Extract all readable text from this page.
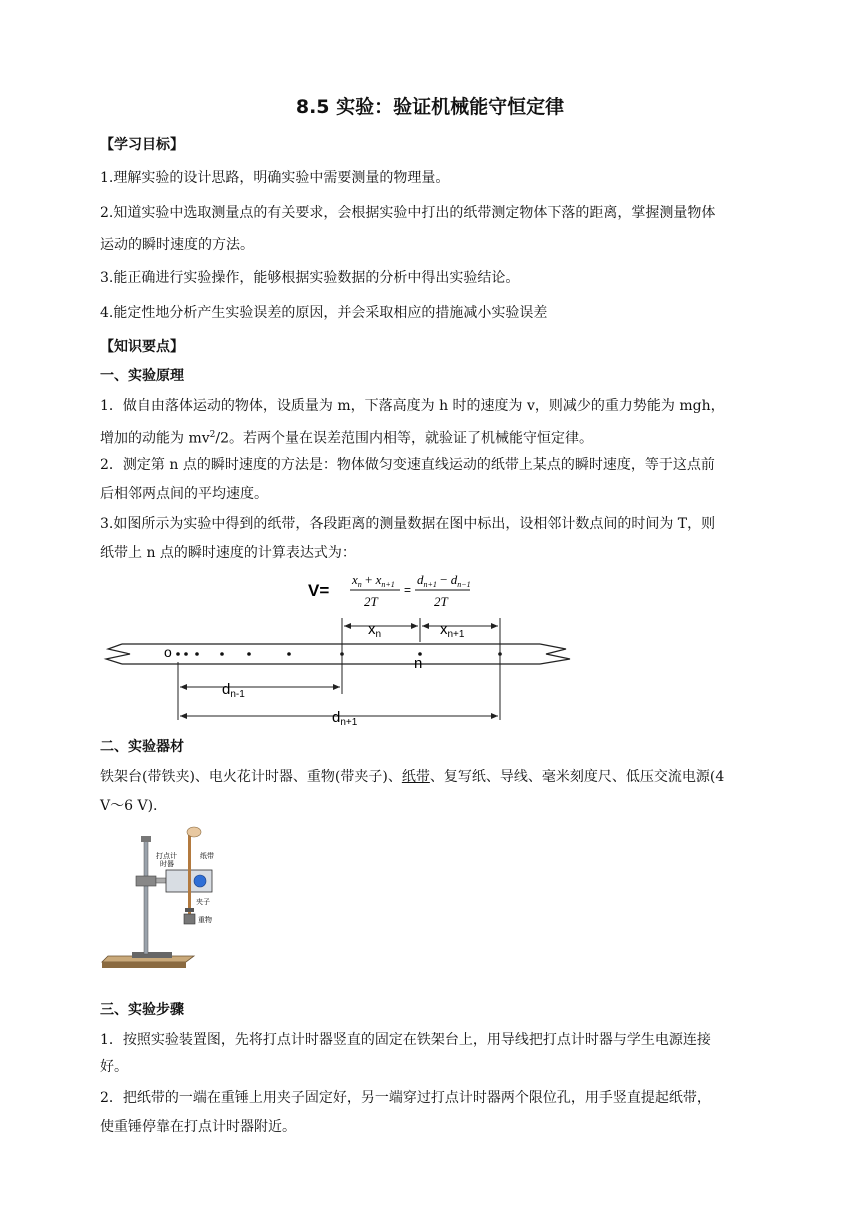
8.5 实验：验证机械能守恒定律
【学习目标】
1.理解实验的设计思路，明确实验中需要测量的物理量。
2.知道实验中选取测量点的有关要求，会根据实验中打出的纸带测定物体下落的距离，掌握测量物体
运动的瞬时速度的方法。
3.能正确进行实验操作，能够根据实验数据的分析中得出实验结论。
4.能定性地分析产生实验误差的原因，并会采取相应的措施减小实验误差
【知识要点】
一、实验原理
1．做自由落体运动的物体，设质量为 m，下落高度为 h 时的速度为 v，则减少的重力势能为 mgh，
增加的动能为 $mv^2/2$。若两个量在误差范围内相等，就验证了机械能守恒定律。
2．测定第 n 点的瞬时速度的方法是：物体做匀变速直线运动的纸带上某点的瞬时速度，等于这点前
后相邻两点间的平均速度。
3.如图所示为实验中得到的纸带，各段距离的测量数据在图中标出，设相邻计数点间的时间为 T，则
纸带上 n 点的瞬时速度的计算表达式为：
V=
$x_n + x_{n+1}$
2T
=
$d_{n+1} - d_{n-1}$
2T
o
n
$x_n$	$x_{n+1}$
$d_{n-1}$
$d_{n+1}$
二、实验器材
铁架台(带铁夹)、电火花计时器、重物(带夹子)、纸带、复写纸、导线、毫米刻度尺、低压交流电源(4
V～6 V).
打点计
时器
纸带
夹子
重物
三、实验步骤
1．按照实验装置图，先将打点计时器竖直的固定在铁架台上，用导线把打点计时器与学生电源连接
好。
2．把纸带的一端在重锤上用夹子固定好，另一端穿过打点计时器两个限位孔，用手竖直提起纸带，
使重锤停靠在打点计时器附近。
